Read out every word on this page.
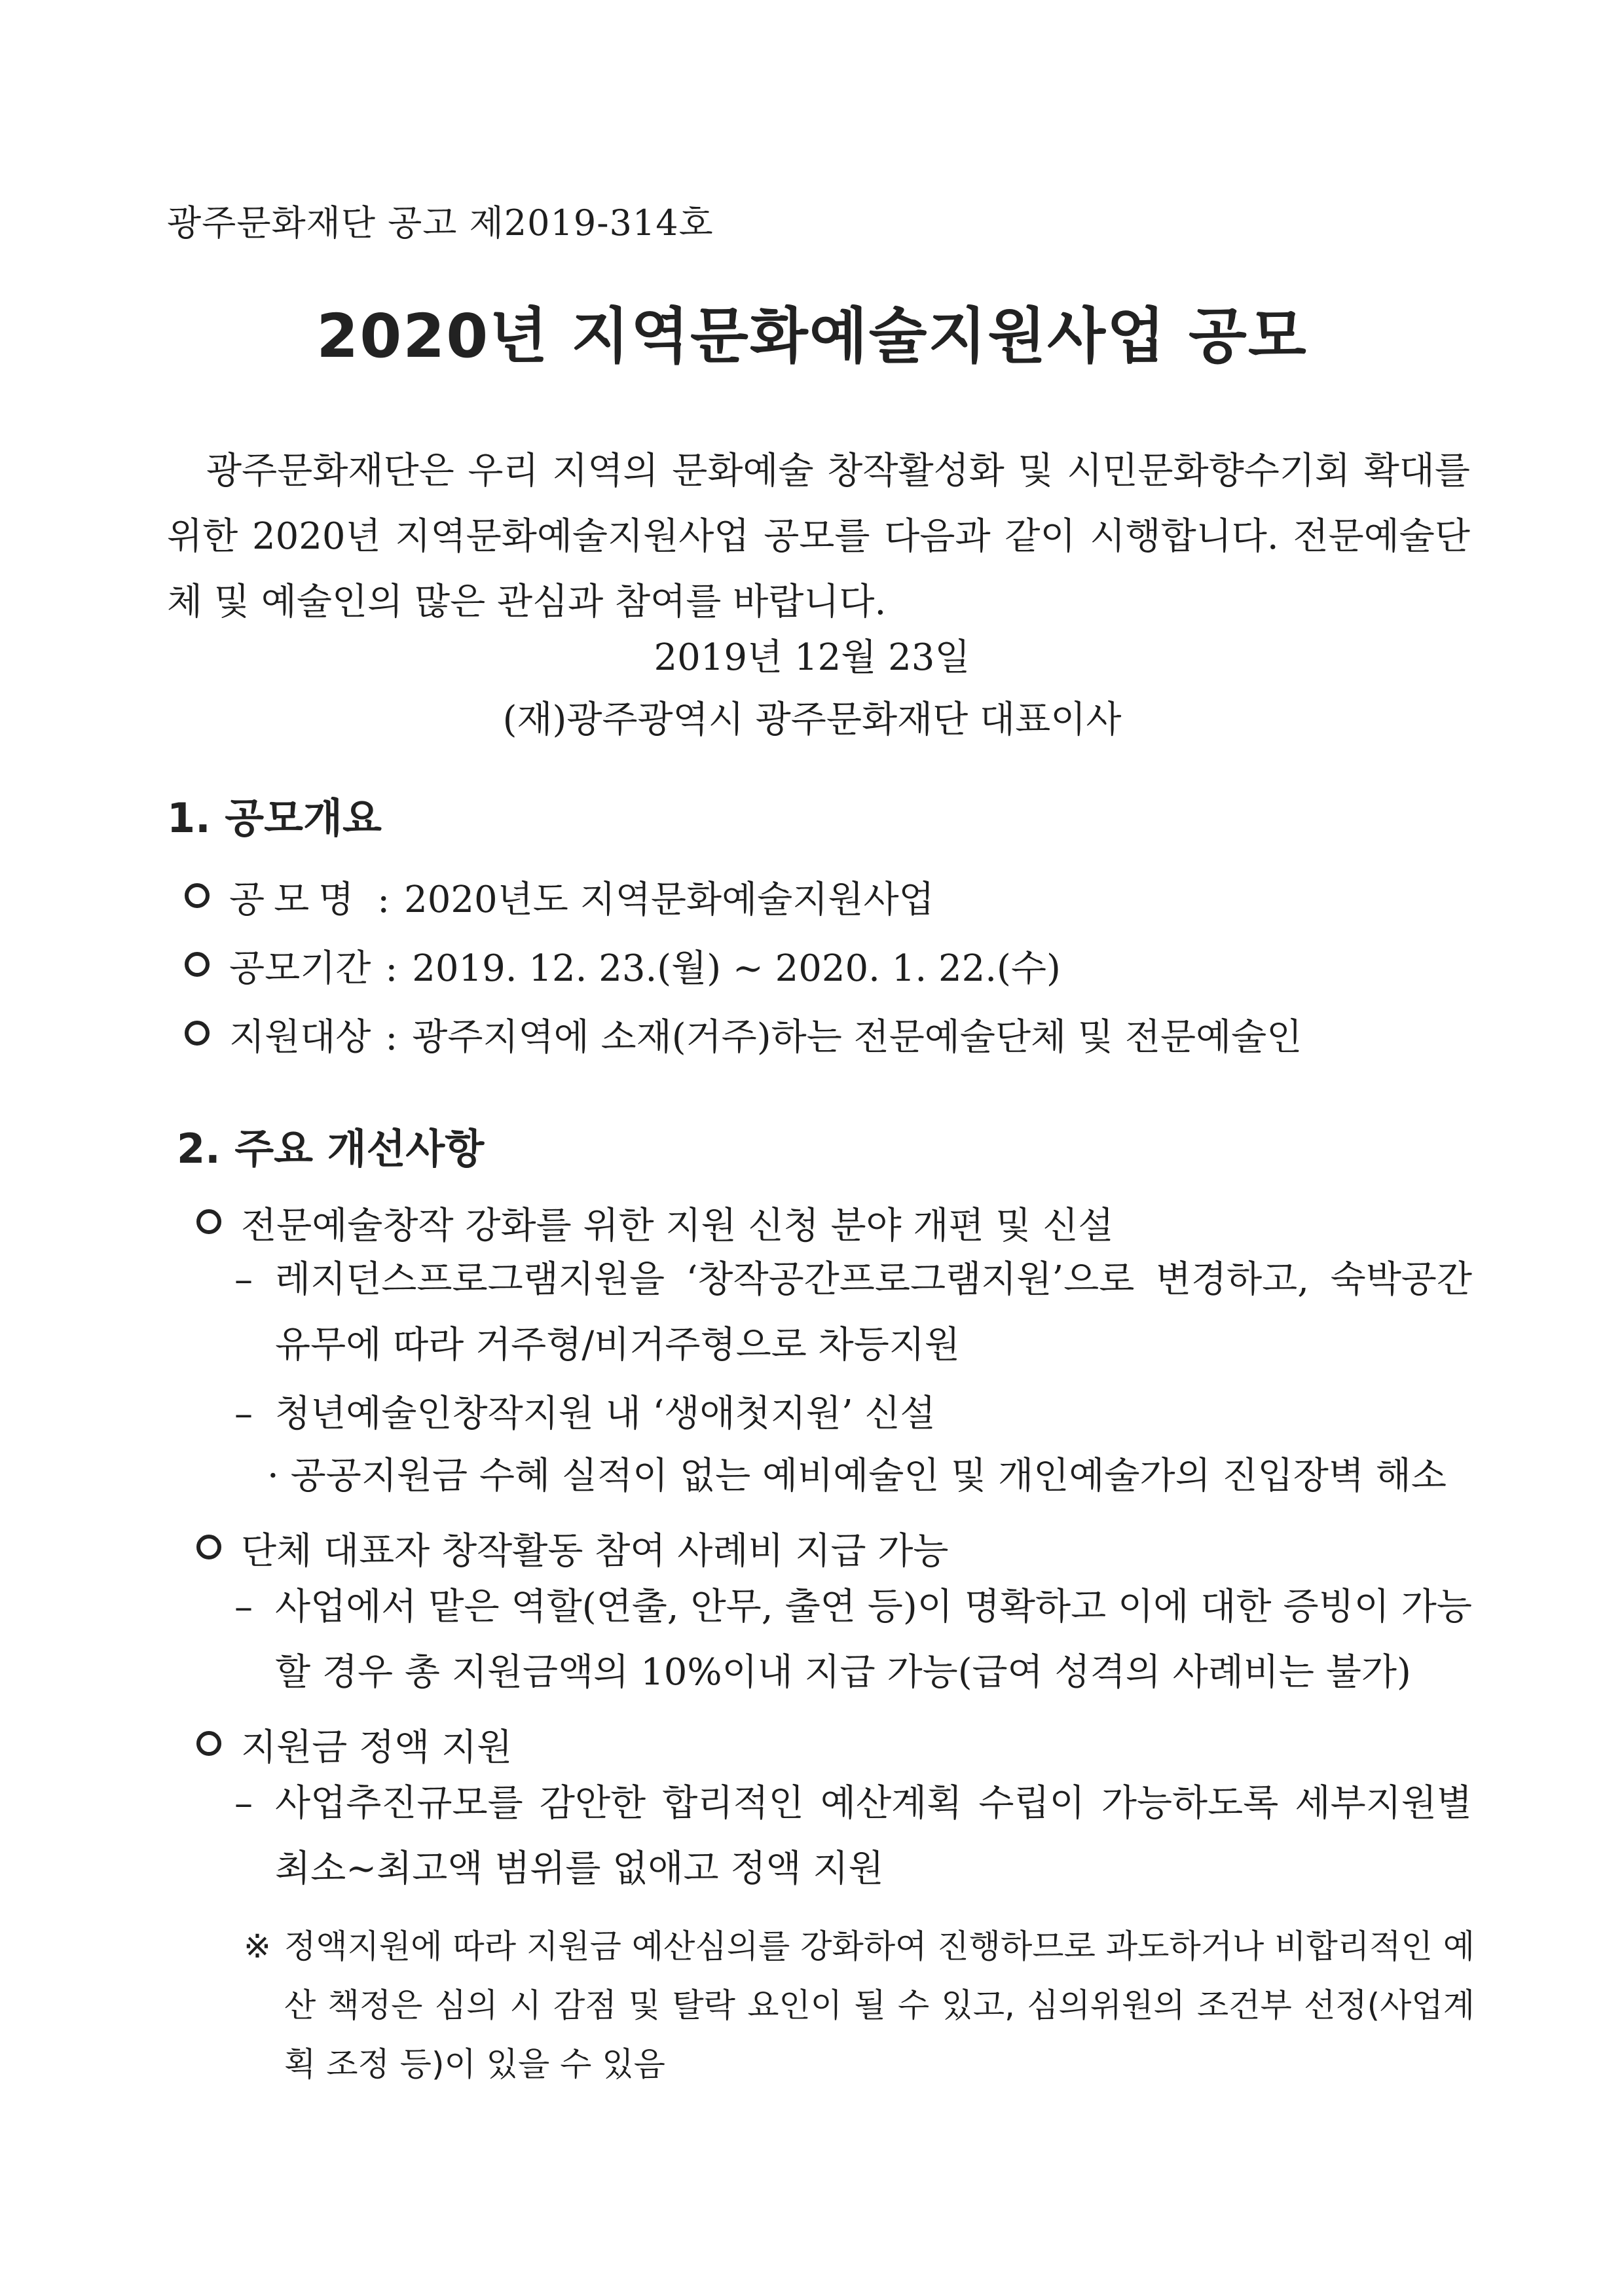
광주문화재단 공고 제2019-314호
2020년 지역문화예술지원사업 공모
광주문화재단은 우리 지역의 문화예술 창작활성화 및 시민문화향수기회 확대를 위한 2020년 지역문화예술지원사업 공모를 다음과 같이 시행합니다. 전문예술단체 및 예술인의 많은 관심과 참여를 바랍니다.
2019년 12월 23일
(재)광주광역시 광주문화재단 대표이사
1. 공모개요
공모명 : 2020년도 지역문화예술지원사업
공모기간 : 2019. 12. 23.(월) ~ 2020. 1. 22.(수)
지원대상 : 광주지역에 소재(거주)하는 전문예술단체 및 전문예술인
2. 주요 개선사항
전문예술창작 강화를 위한 지원 신청 분야 개편 및 신설
– 레지던스프로그램지원을 ‘창작공간프로그램지원’으로 변경하고, 숙박공간 유무에 따라 거주형/비거주형으로 차등지원
– 청년예술인창작지원 내 ‘생애첫지원’ 신설
· 공공지원금 수혜 실적이 없는 예비예술인 및 개인예술가의 진입장벽 해소
단체 대표자 창작활동 참여 사례비 지급 가능
– 사업에서 맡은 역할(연출, 안무, 출연 등)이 명확하고 이에 대한 증빙이 가능할 경우 총 지원금액의 10%이내 지급 가능(급여 성격의 사례비는 불가)
지원금 정액 지원
– 사업추진규모를 감안한 합리적인 예산계획 수립이 가능하도록 세부지원별 최소~최고액 범위를 없애고 정액 지원
※ 정액지원에 따라 지원금 예산심의를 강화하여 진행하므로 과도하거나 비합리적인 예산 책정은 심의 시 감점 및 탈락 요인이 될 수 있고, 심의위원의 조건부 선정(사업계획 조정 등)이 있을 수 있음
